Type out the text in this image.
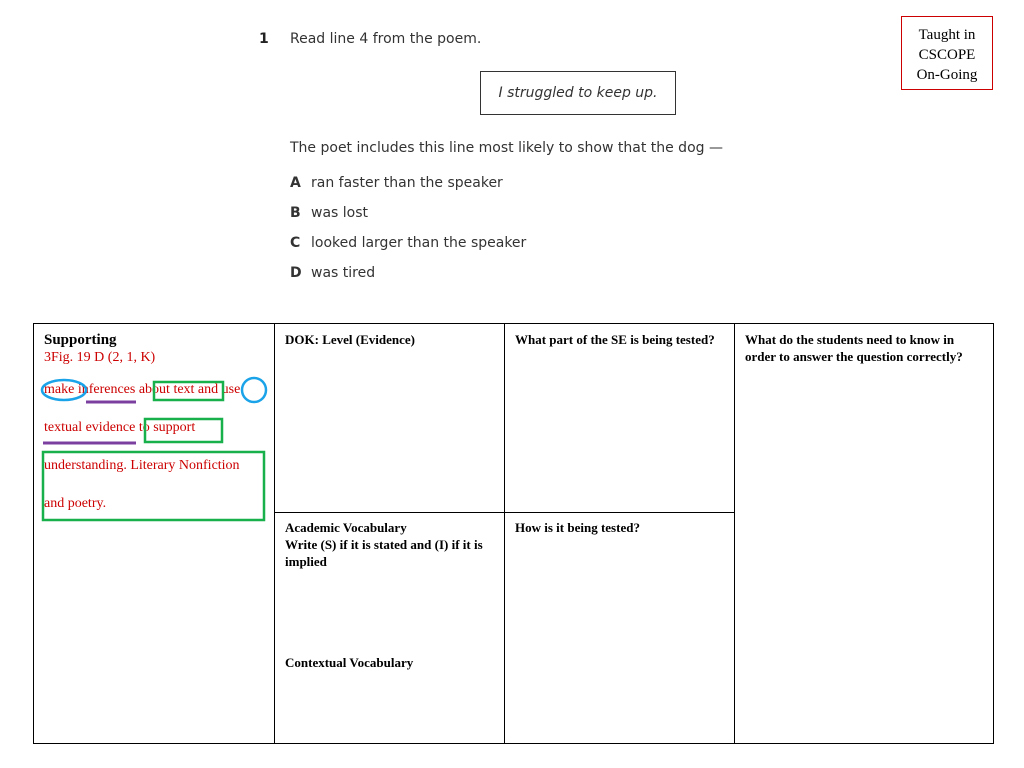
1 Read line 4 from the poem.
I struggled to keep up.
The poet includes this line most likely to show that the dog —
A ran faster than the speaker
B was lost
C looked larger than the speaker
D was tired
Taught in
CSCOPE
On-Going
Supporting
3Fig. 19 D (2, 1, K)
make inferences about text and use
textual evidence to support
understanding. Literary Nonfiction
and poetry.
DOK: Level (Evidence)	What part of the SE is being tested?	What do the students need to know in order to answer the question correctly?
Academic Vocabulary
Write (S) if it is stated and (I) if it is implied
Contextual Vocabulary
How is it being tested?
